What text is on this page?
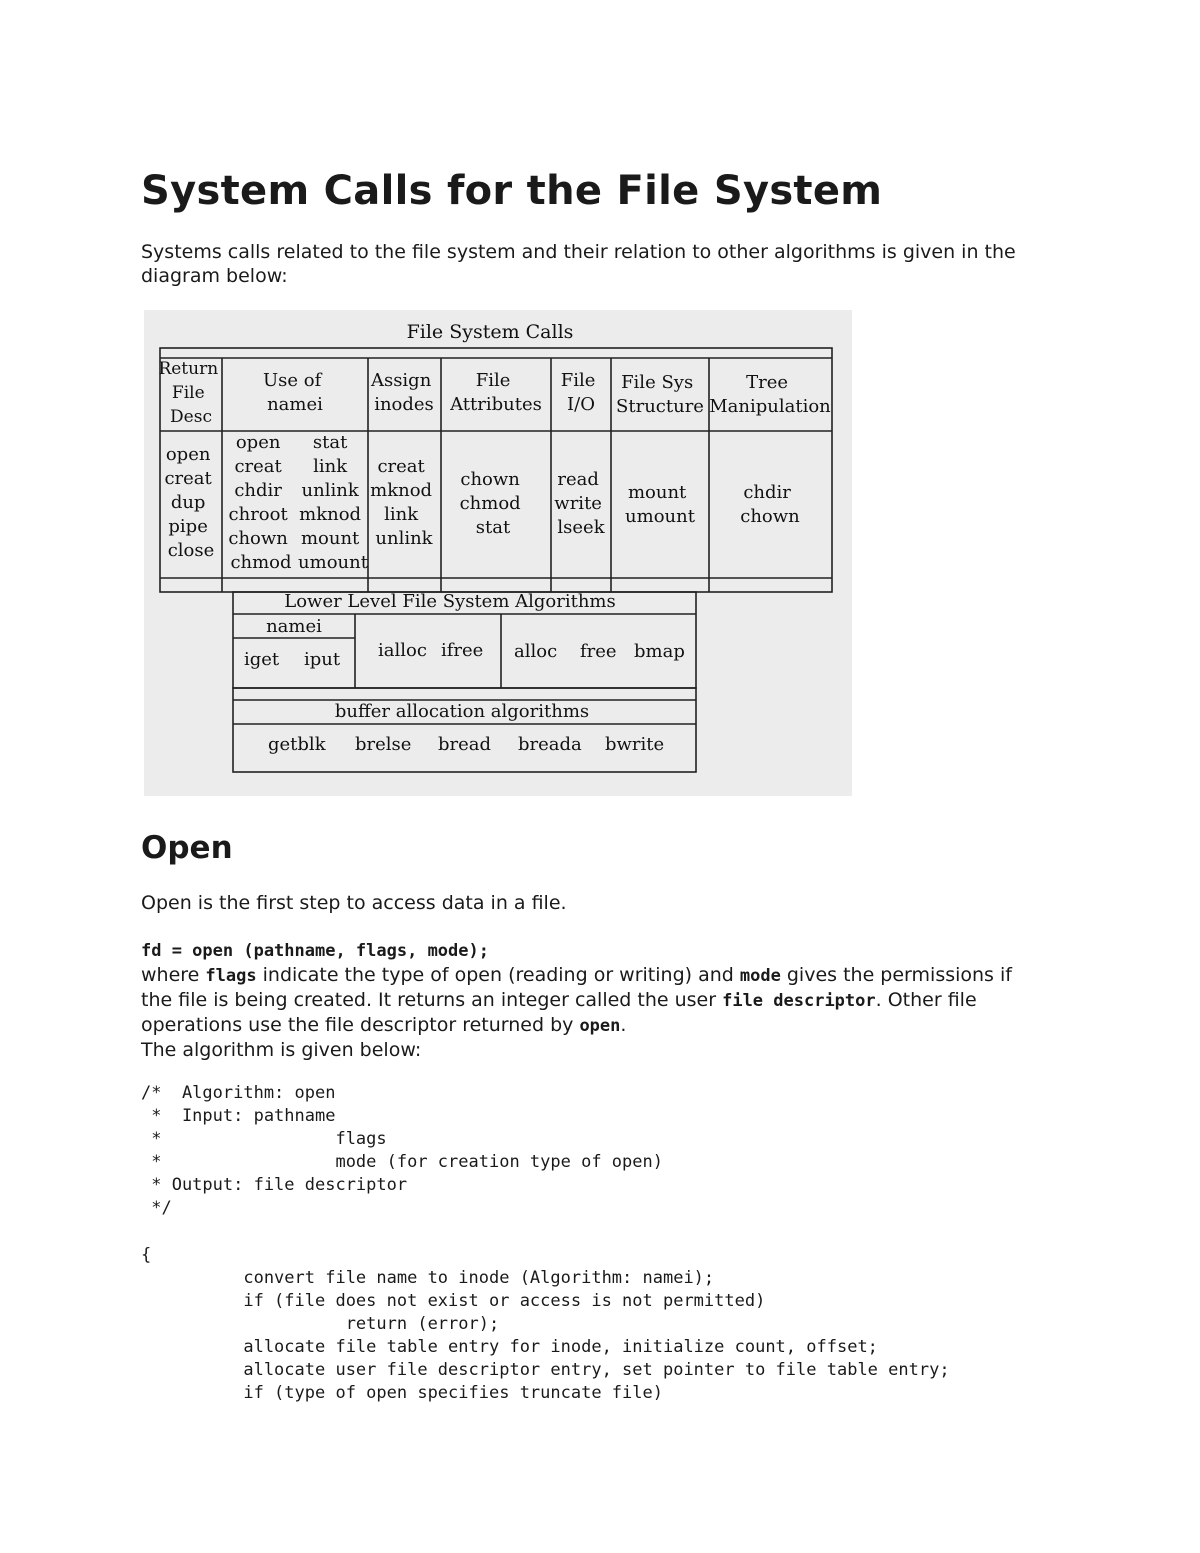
System Calls for the File System

Systems calls related to the file system and their relation to other algorithms is given in the diagram below:

File System Calls
Return File Desc
Use of namei
Assign inodes
File Attributes
File I/O
File Sys Structure
Tree Manipulation
open creat dup pipe close
open creat chdir chroot chown chmod
stat link unlink mknod mount umount
creat mknod link unlink
chown chmod stat
read write lseek
mount umount
chdir chown
Lower Level File System Algorithms
namei
iget iput ialloc ifree alloc free bmap
buffer allocation algorithms
getblk brelse bread breada bwrite
Open

Open is the first step to access data in a file.

fd = open (pathname, flags, mode);
where flags indicate the type of open (reading or writing) and mode gives the permissions if the file is being created. It returns an integer called the user file descriptor. Other file operations use the file descriptor returned by open.
The algorithm is given below:

/*  Algorithm: open
*  Input: pathname
*                 flags
*                 mode (for creation type of open)
* Output: file descriptor
*/

{
convert file name to inode (Algorithm: namei);
if (file does not exist or access is not permitted)
return (error);
allocate file table entry for inode, initialize count, offset;
allocate user file descriptor entry, set pointer to file table entry;
if (type of open specifies truncate file)
